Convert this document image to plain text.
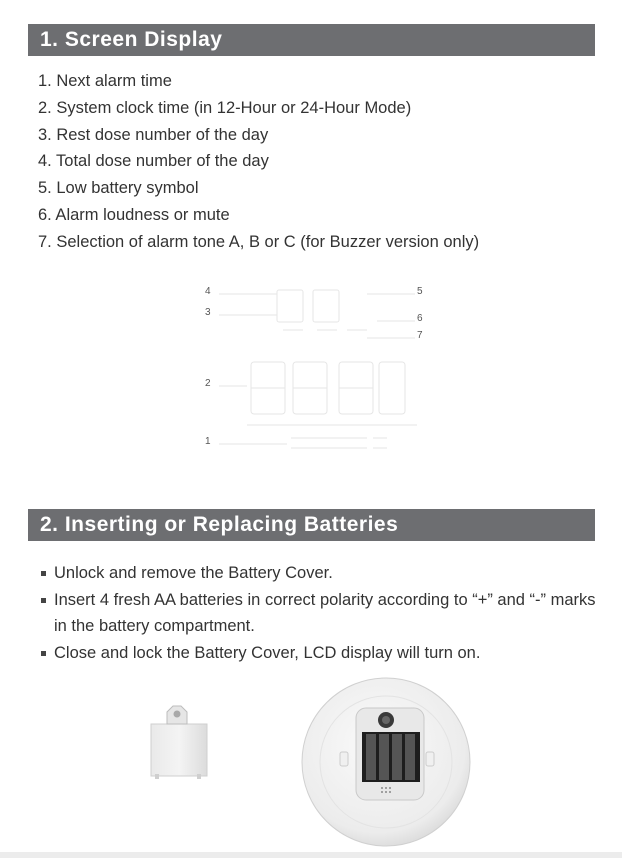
1. Screen Display
1. Next alarm time
2. System clock time (in 12-Hour or 24-Hour Mode)
3. Rest dose number of the day
4. Total dose number of the day
5. Low battery symbol
6. Alarm loudness or mute
7. Selection of alarm tone A, B or C (for Buzzer version only)
4
3
2
1
5
6
7
2. Inserting or Replacing Batteries
Unlock and remove the Battery Cover.
Insert 4 fresh AA batteries in correct polarity according to “+” and “-” marks in the battery compartment.
Close and lock the Battery Cover, LCD display will turn on.
